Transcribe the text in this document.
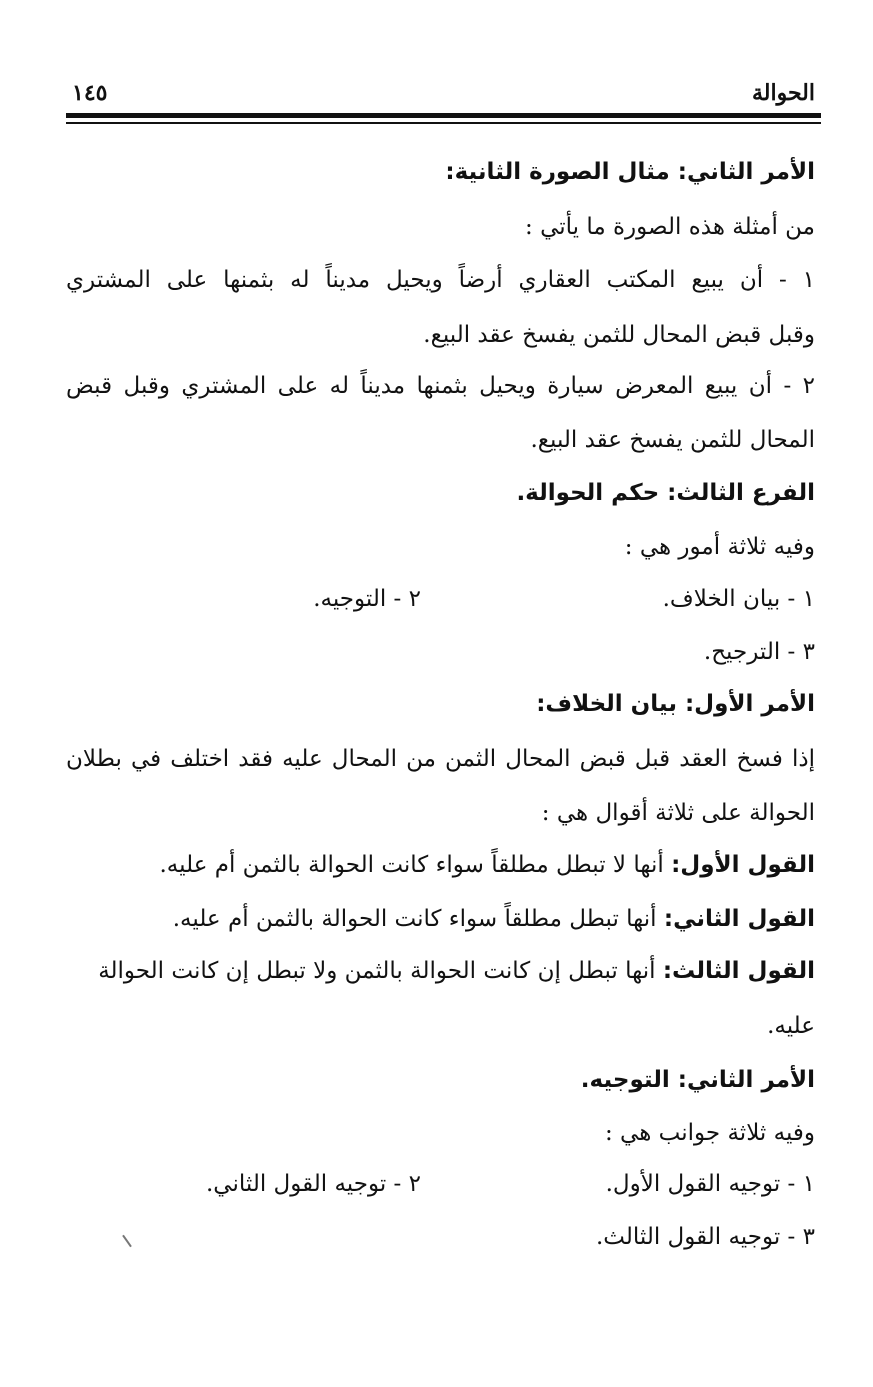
الحوالة
١٤٥
الأمر الثاني: مثال الصورة الثانية:
من أمثلة هذه الصورة ما يأتي :
١ - أن يبيع المكتب العقاري أرضاً ويحيل مديناً له بثمنها على المشتري
وقبل قبض المحال للثمن يفسخ عقد البيع.
٢ - أن يبيع المعرض سيارة ويحيل بثمنها مديناً له على المشتري وقبل قبض
المحال للثمن يفسخ عقد البيع.
الفرع الثالث: حكم الحوالة.
وفيه ثلاثة أمور هي :
١ - بيان الخلاف.
٢ - التوجيه.
٣ - الترجيح.
الأمر الأول: بيان الخلاف:
إذا فسخ العقد قبل قبض المحال الثمن من المحال عليه فقد اختلف في بطلان
الحوالة على ثلاثة أقوال هي :
القول الأول: أنها لا تبطل مطلقاً سواء كانت الحوالة بالثمن أم عليه.
القول الثاني: أنها تبطل مطلقاً سواء كانت الحوالة بالثمن أم عليه.
القول الثالث: أنها تبطل إن كانت الحوالة بالثمن ولا تبطل إن كانت الحوالة
عليه.
الأمر الثاني: التوجيه.
وفيه ثلاثة جوانب هي :
١ - توجيه القول الأول.
٢ - توجيه القول الثاني.
٣ - توجيه القول الثالث.
